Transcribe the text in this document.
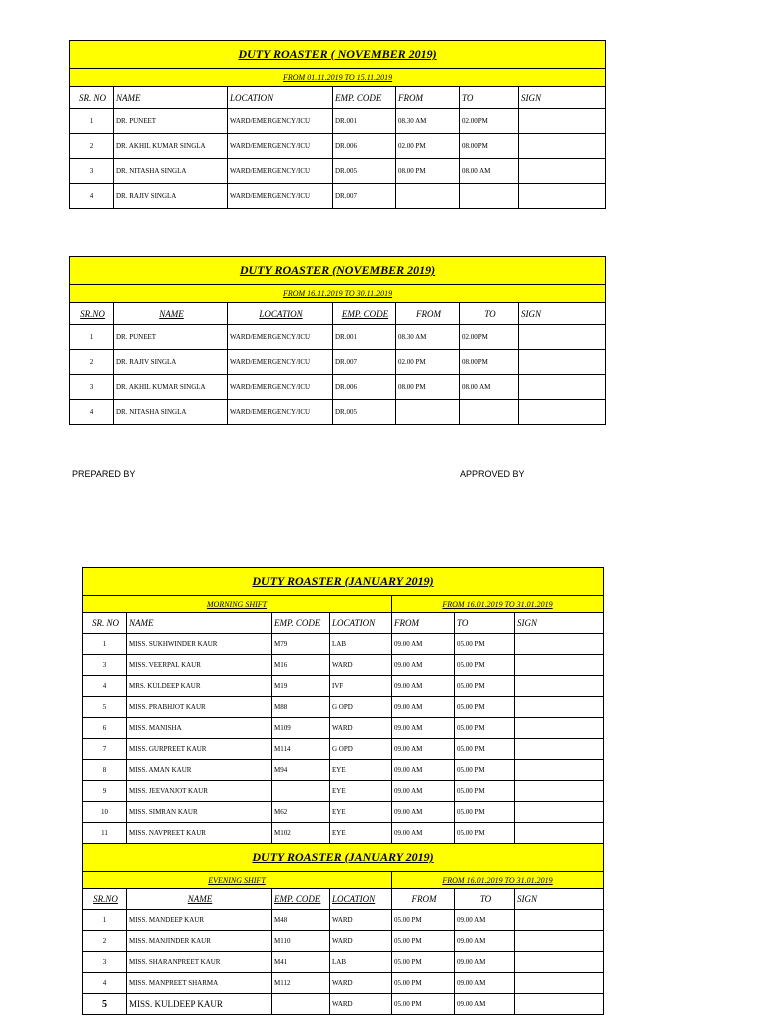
DUTY ROASTER ( NOVEMBER 2019)						
FROM 01.11.2019 TO 15.11.2019						
SR. NO	NAME	LOCATION	EMP. CODE	FROM	TO	SIGN
1	DR. PUNEET	WARD/EMERGENCY/ICU	DR.001	08.30 AM	02.00PM	
2	DR. AKHIL KUMAR SINGLA	WARD/EMERGENCY/ICU	DR.006	02.00 PM	08.00PM	
3	DR. NITASHA SINGLA	WARD/EMERGENCY/ICU	DR.005	08.00 PM	08.00 AM	
4	DR. RAJIV SINGLA	WARD/EMERGENCY/ICU	DR.007			
DUTY ROASTER (NOVEMBER 2019)						
FROM 16.11.2019 TO 30.11.2019						
SR.NO	NAME	LOCATION	EMP. CODE	FROM	TO	SIGN
1	DR. PUNEET	WARD/EMERGENCY/ICU	DR.001	08.30 AM	02.00PM	
2	DR. RAJIV SINGLA	WARD/EMERGENCY/ICU	DR.007	02.00 PM	08.00PM	
3	DR. AKHIL KUMAR SINGLA	WARD/EMERGENCY/ICU	DR.006	08.00 PM	08.00 AM	
4	DR. NITASHA SINGLA	WARD/EMERGENCY/ICU	DR.005			
PREPARED BY	APPROVED BY
DUTY ROASTER (JANUARY 2019)						
MORNING SHIFT				FROM 16.01.2019 TO 31.01.2019		
SR. NO	NAME	EMP. CODE	LOCATION	FROM	TO	SIGN
1	MISS. SUKHWINDER KAUR	M79	LAB	09.00 AM	05.00 PM	
3	MISS. VEERPAL KAUR	M16	WARD	09.00 AM	05.00 PM	
4	MRS. KULDEEP KAUR	M19	IVF	09.00 AM	05.00 PM	
5	MISS. PRABHJOT KAUR	M88	G OPD	09.00 AM	05.00 PM	
6	MISS. MANISHA	M109	WARD	09.00 AM	05.00 PM	
7	MISS. GURPREET KAUR	M114	G OPD	09.00 AM	05.00 PM	
8	MISS. AMAN KAUR	M94	EYE	09.00 AM	05.00 PM	
9	MISS. JEEVANJOT KAUR		EYE	09.00 AM	05.00 PM	
10	MISS. SIMRAN KAUR	M62	EYE	09.00 AM	05.00 PM	
11	MISS. NAVPREET KAUR	M102	EYE	09.00 AM	05.00 PM	
DUTY ROASTER (JANUARY 2019)						
EVENING SHIFT				FROM 16.01.2019 TO 31.01.2019		
SR.NO	NAME	EMP. CODE	LOCATION	FROM	TO	SIGN
1	MISS. MANDEEP KAUR	M48	WARD	05.00 PM	09.00 AM	
2	MISS. MANJINDER KAUR	M110	WARD	05.00 PM	09.00 AM	
3	MISS. SHARANPREET KAUR	M41	LAB	05.00 PM	09.00 AM	
4	MISS. MANPREET SHARMA	M112	WARD	05.00 PM	09.00 AM	
5	MISS. KULDEEP KAUR		WARD	05.00 PM	09.00 AM	
